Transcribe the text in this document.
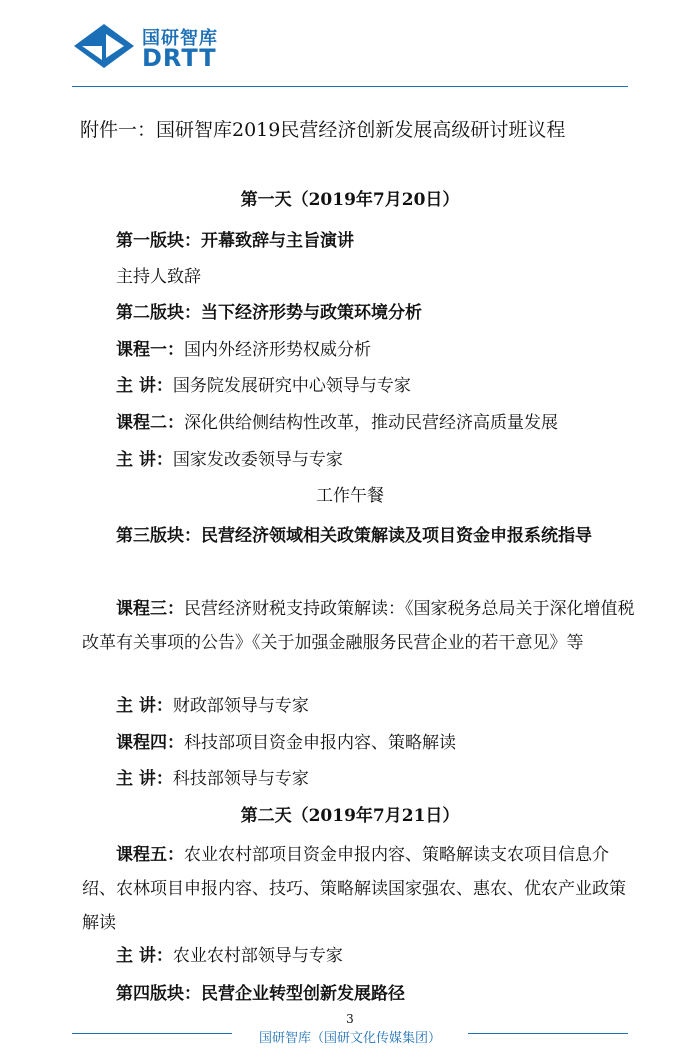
国研智库
DRTT
附件一：国研智库2019民营经济创新发展高级研讨班议程
第一天（2019年7月20日）
第一版块：开幕致辞与主旨演讲
主持人致辞
第二版块：当下经济形势与政策环境分析
课程一：国内外经济形势权威分析
主 讲：国务院发展研究中心领导与专家
课程二：深化供给侧结构性改革，推动民营经济高质量发展
主 讲：国家发改委领导与专家
工作午餐
第三版块：民营经济领域相关政策解读及项目资金申报系统指导
课程三：民营经济财税支持政策解读：《国家税务总局关于深化增值税改革有关事项的公告》《关于加强金融服务民营企业的若干意见》等
主 讲：财政部领导与专家
课程四：科技部项目资金申报内容、策略解读
主 讲：科技部领导与专家
第二天（2019年7月21日）
课程五：农业农村部项目资金申报内容、策略解读支农项目信息介绍、农林项目申报内容、技巧、策略解读国家强农、惠农、优农产业政策解读
主 讲：农业农村部领导与专家
第四版块：民营企业转型创新发展路径
3
国研智库（国研文化传媒集团）
